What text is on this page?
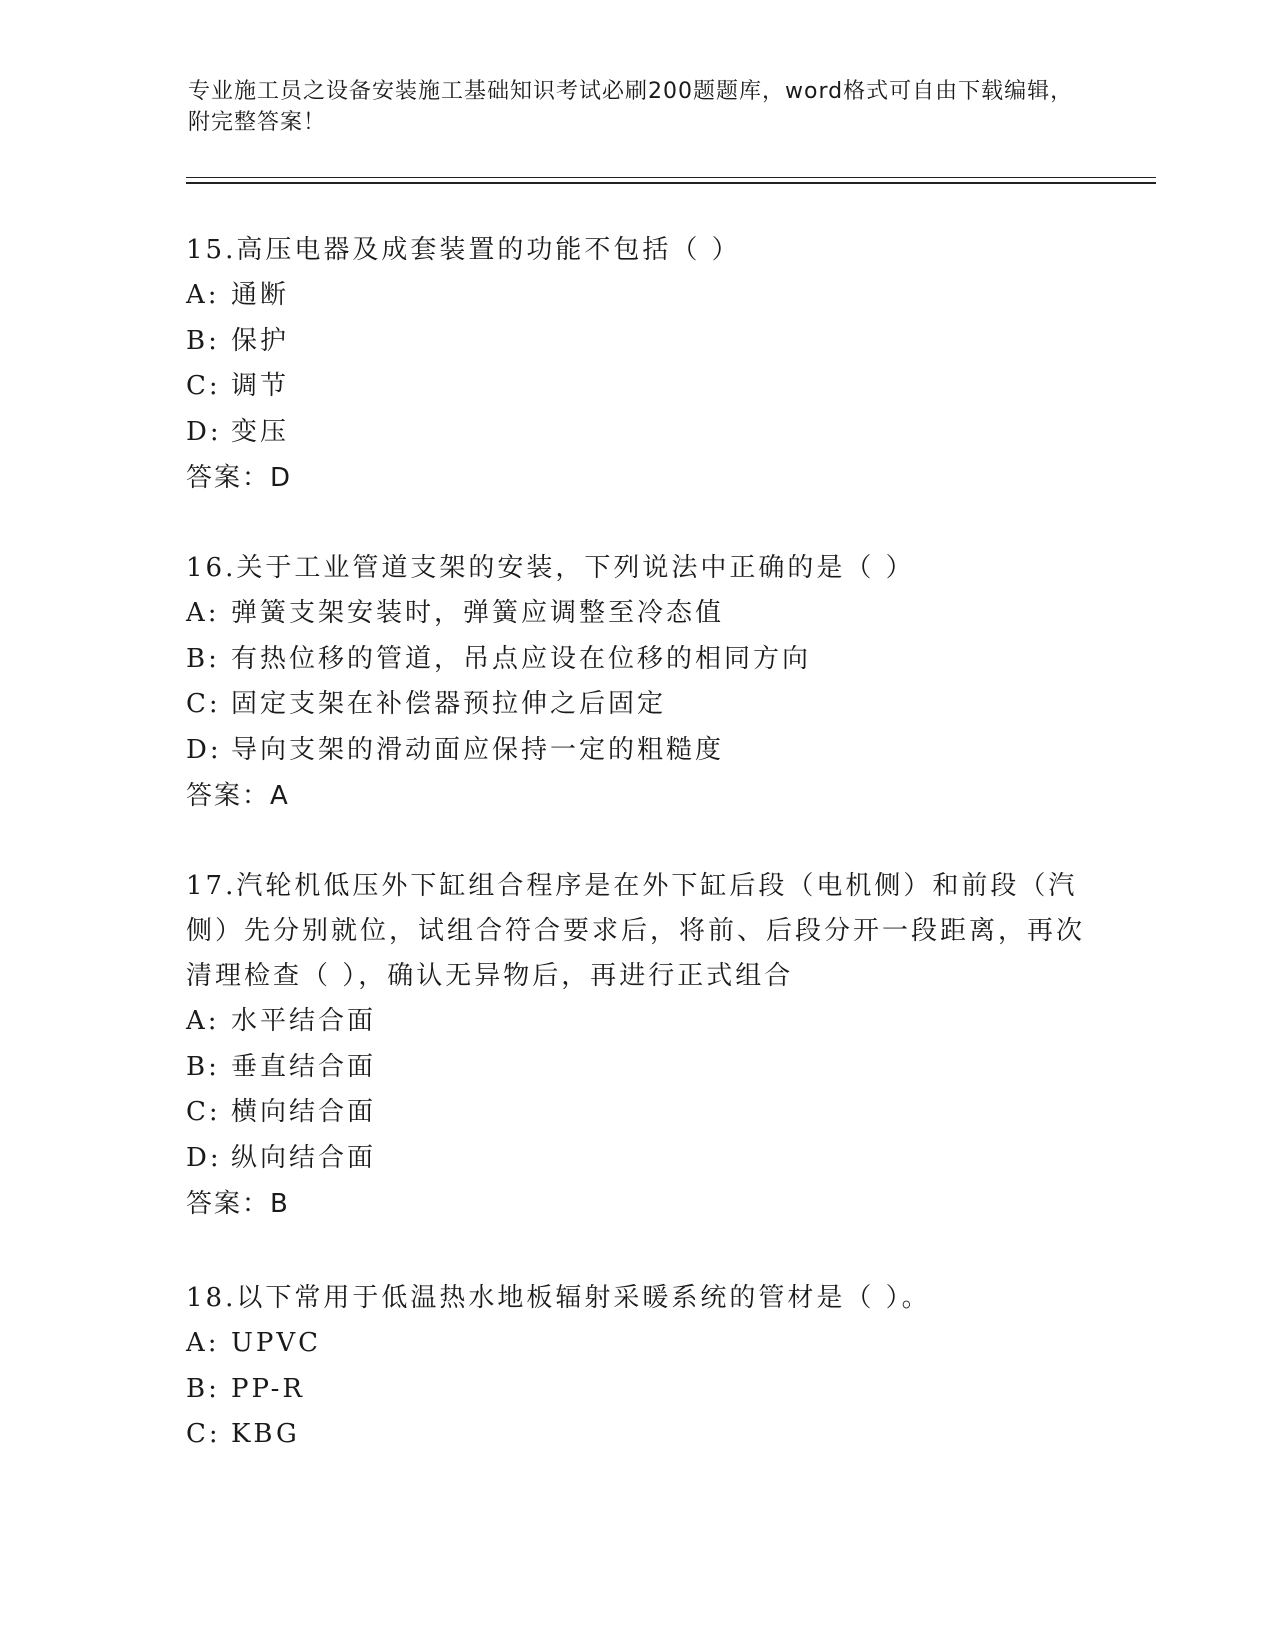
专业施工员之设备安装施工基础知识考试必刷200题题库，word格式可自由下载编辑，附完整答案！
15.高压电器及成套装置的功能不包括（ ）
A: 通断
B: 保护
C: 调节
D: 变压
答案：D
16.关于工业管道支架的安装，下列说法中正确的是（ ）
A: 弹簧支架安装时，弹簧应调整至冷态值
B: 有热位移的管道，吊点应设在位移的相同方向
C: 固定支架在补偿器预拉伸之后固定
D: 导向支架的滑动面应保持一定的粗糙度
答案：A
17.汽轮机低压外下缸组合程序是在外下缸后段（电机侧）和前段（汽侧）先分别就位，试组合符合要求后，将前、后段分开一段距离，再次清理检查（ ），确认无异物后，再进行正式组合
A: 水平结合面
B: 垂直结合面
C: 横向结合面
D: 纵向结合面
答案：B
18.以下常用于低温热水地板辐射采暖系统的管材是（ ）。
A: UPVC
B: PP-R
C: KBG
